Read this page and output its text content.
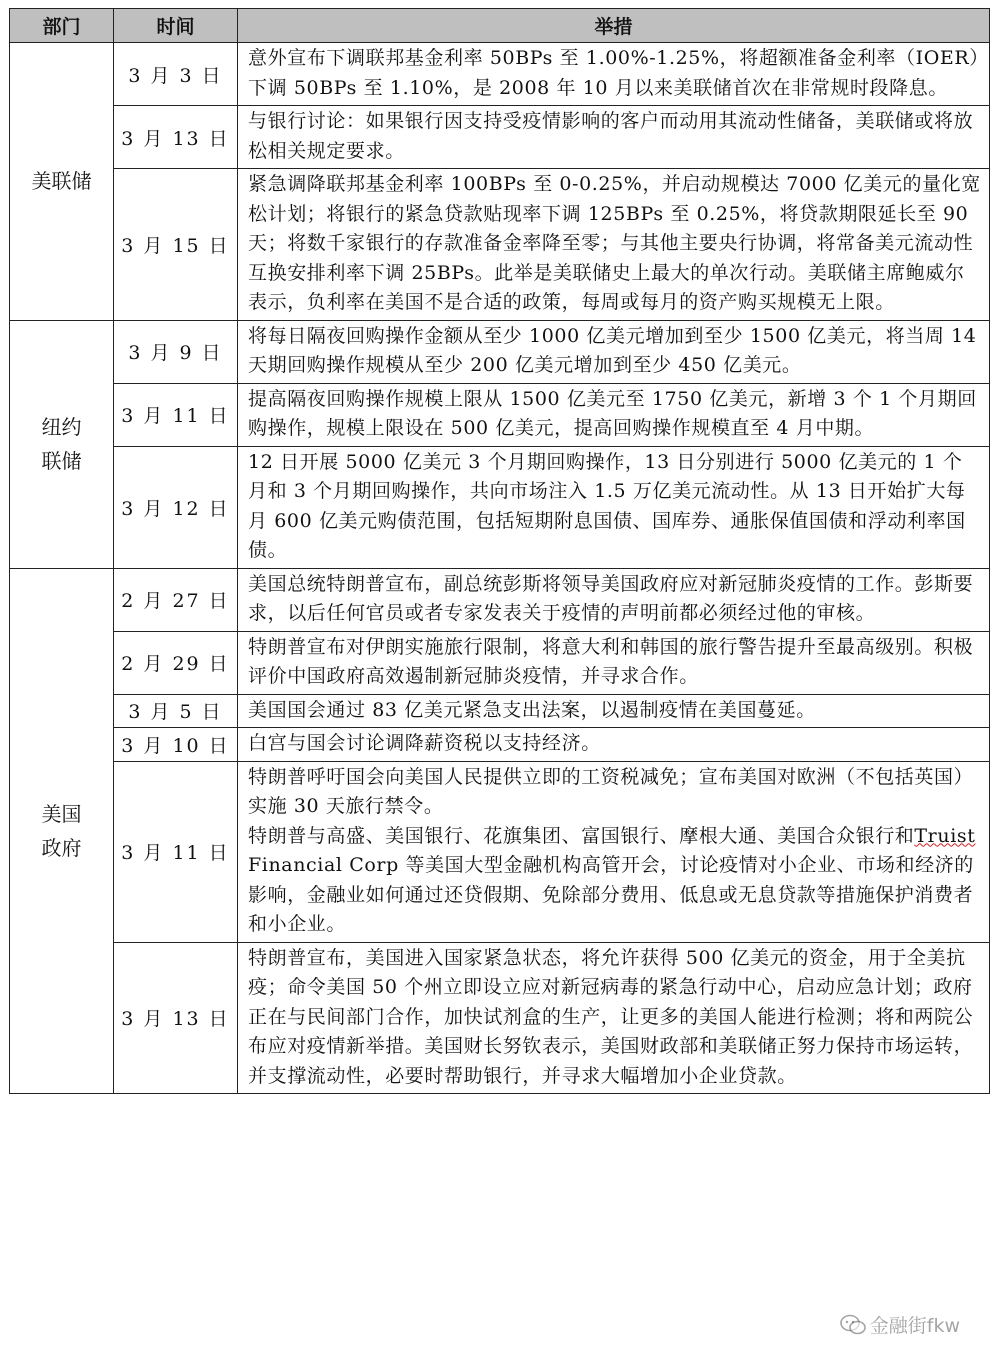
部门	时间	举措
美联储	3 月 3 日	意外宣布下调联邦基金利率 50BPs 至 1.00%-1.25%，将超额准备金利率（IOER）下调 50BPs 至 1.10%，是 2008 年 10 月以来美联储首次在非常规时段降息。
	3 月 13 日	与银行讨论：如果银行因支持受疫情影响的客户而动用其流动性储备，美联储或将放松相关规定要求。
	3 月 15 日	紧急调降联邦基金利率 100BPs 至 0-0.25%，并启动规模达 7000 亿美元的量化宽松计划；将银行的紧急贷款贴现率下调 125BPs 至 0.25%，将贷款期限延长至 90 天；将数千家银行的存款准备金率降至零；与其他主要央行协调，将常备美元流动性互换安排利率下调 25BPs。此举是美联储史上最大的单次行动。美联储主席鲍威尔表示，负利率在美国不是合适的政策，每周或每月的资产购买规模无上限。

纽约
联储	3 月 9 日	将每日隔夜回购操作金额从至少 1000 亿美元增加到至少 1500 亿美元，将当周 14 天期回购操作规模从至少 200 亿美元增加到至少 450 亿美元。
	3 月 11 日	提高隔夜回购操作规模上限从 1500 亿美元至 1750 亿美元，新增 3 个 1 个月期回购操作，规模上限设在 500 亿美元，提高回购操作规模直至 4 月中期。
	3 月 12 日	12 日开展 5000 亿美元 3 个月期回购操作，13 日分别进行 5000 亿美元的 1 个月和 3 个月期回购操作，共向市场注入 1.5 万亿美元流动性。从 13 日开始扩大每月 600 亿美元购债范围，包括短期附息国债、国库券、通胀保值国债和浮动利率国债。

美国
政府	2 月 27 日	美国总统特朗普宣布，副总统彭斯将领导美国政府应对新冠肺炎疫情的工作。彭斯要求，以后任何官员或者专家发表关于疫情的声明前都必须经过他的审核。
	2 月 29 日	特朗普宣布对伊朗实施旅行限制，将意大利和韩国的旅行警告提升至最高级别。积极评价中国政府高效遏制新冠肺炎疫情，并寻求合作。
	3 月 5 日	美国国会通过 83 亿美元紧急支出法案，以遏制疫情在美国蔓延。
	3 月 10 日	白宫与国会讨论调降薪资税以支持经济。
	3 月 11 日	特朗普呼吁国会向美国人民提供立即的工资税减免；宣布美国对欧洲（不包括英国）实施 30 天旅行禁令。
特朗普与高盛、美国银行、花旗集团、富国银行、摩根大通、美国合众银行和Truist Financial Corp 等美国大型金融机构高管开会，讨论疫情对小企业、市场和经济的影响，金融业如何通过还贷假期、免除部分费用、低息或无息贷款等措施保护消费者和小企业。

	3 月 13 日	特朗普宣布，美国进入国家紧急状态，将允许获得 500 亿美元的资金，用于全美抗疫；命令美国 50 个州立即设立应对新冠病毒的紧急行动中心，启动应急计划；政府正在与民间部门合作，加快试剂盒的生产，让更多的美国人能进行检测；将和两院公布应对疫情新举措。美国财长努钦表示，美国财政部和美联储正努力保持市场运转，并支撑流动性，必要时帮助银行，并寻求大幅增加小企业贷款。
金融街fkw
